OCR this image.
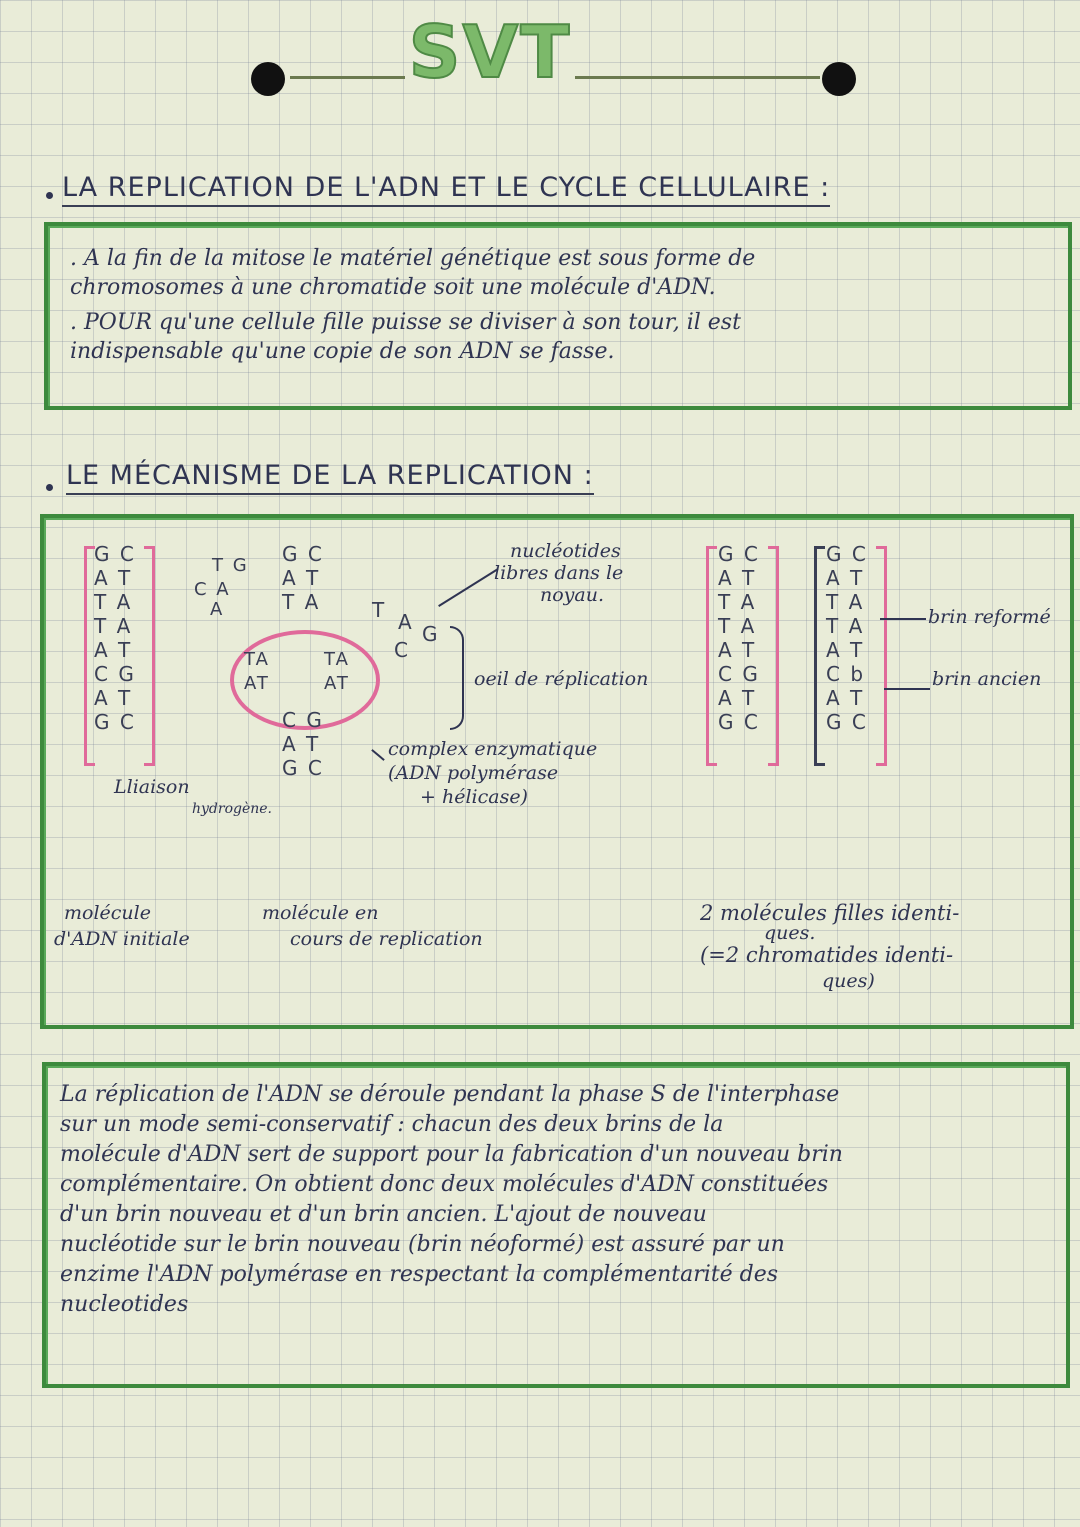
SVT
LA REPLICATION DE L'ADN ET LE CYCLE CELLULAIRE :
. A la fin de la mitose le matériel génétique est sous forme de
chromosomes à une chromatide soit une molécule d'ADN.
. POUR qu'une cellule fille puisse se diviser à son tour, il est
indispensable qu'une copie de son ADN se fasse.
LE MÉCANISME DE LA REPLICATION :
G C
A T
T A
T A
A T
C G
A T
G C
Lliaison
hydrogène.
T G
C A
A
G C
A T
T A
TA
AT
TA
AT
C G
A T
G C
T A G
C
nucléotides
libres dans le
noyau.
oeil de réplication
complex enzymatique
(ADN polymérase
+ hélicase)
molécule
d'ADN initiale
molécule en
cours de replication
G C
A T
T A
T A
A T
C G
A T
G C
G C
A T
T A
T A
A T
C b
A T
G C
brin reformé
brin ancien
2 molécules filles identi-
ques.
(=2 chromatides identi-
ques)
La réplication de l'ADN se déroule pendant la phase S de l'interphase
sur un mode semi-conservatif : chacun des deux brins de la
molécule d'ADN sert de support pour la fabrication d'un nouveau brin
complémentaire. On obtient donc deux molécules d'ADN constituées
d'un brin nouveau et d'un brin ancien. L'ajout de nouveau
nucléotide sur le brin nouveau (brin néoformé) est assuré par un
enzime l'ADN polymérase en respectant la complémentarité des
nucleotides
